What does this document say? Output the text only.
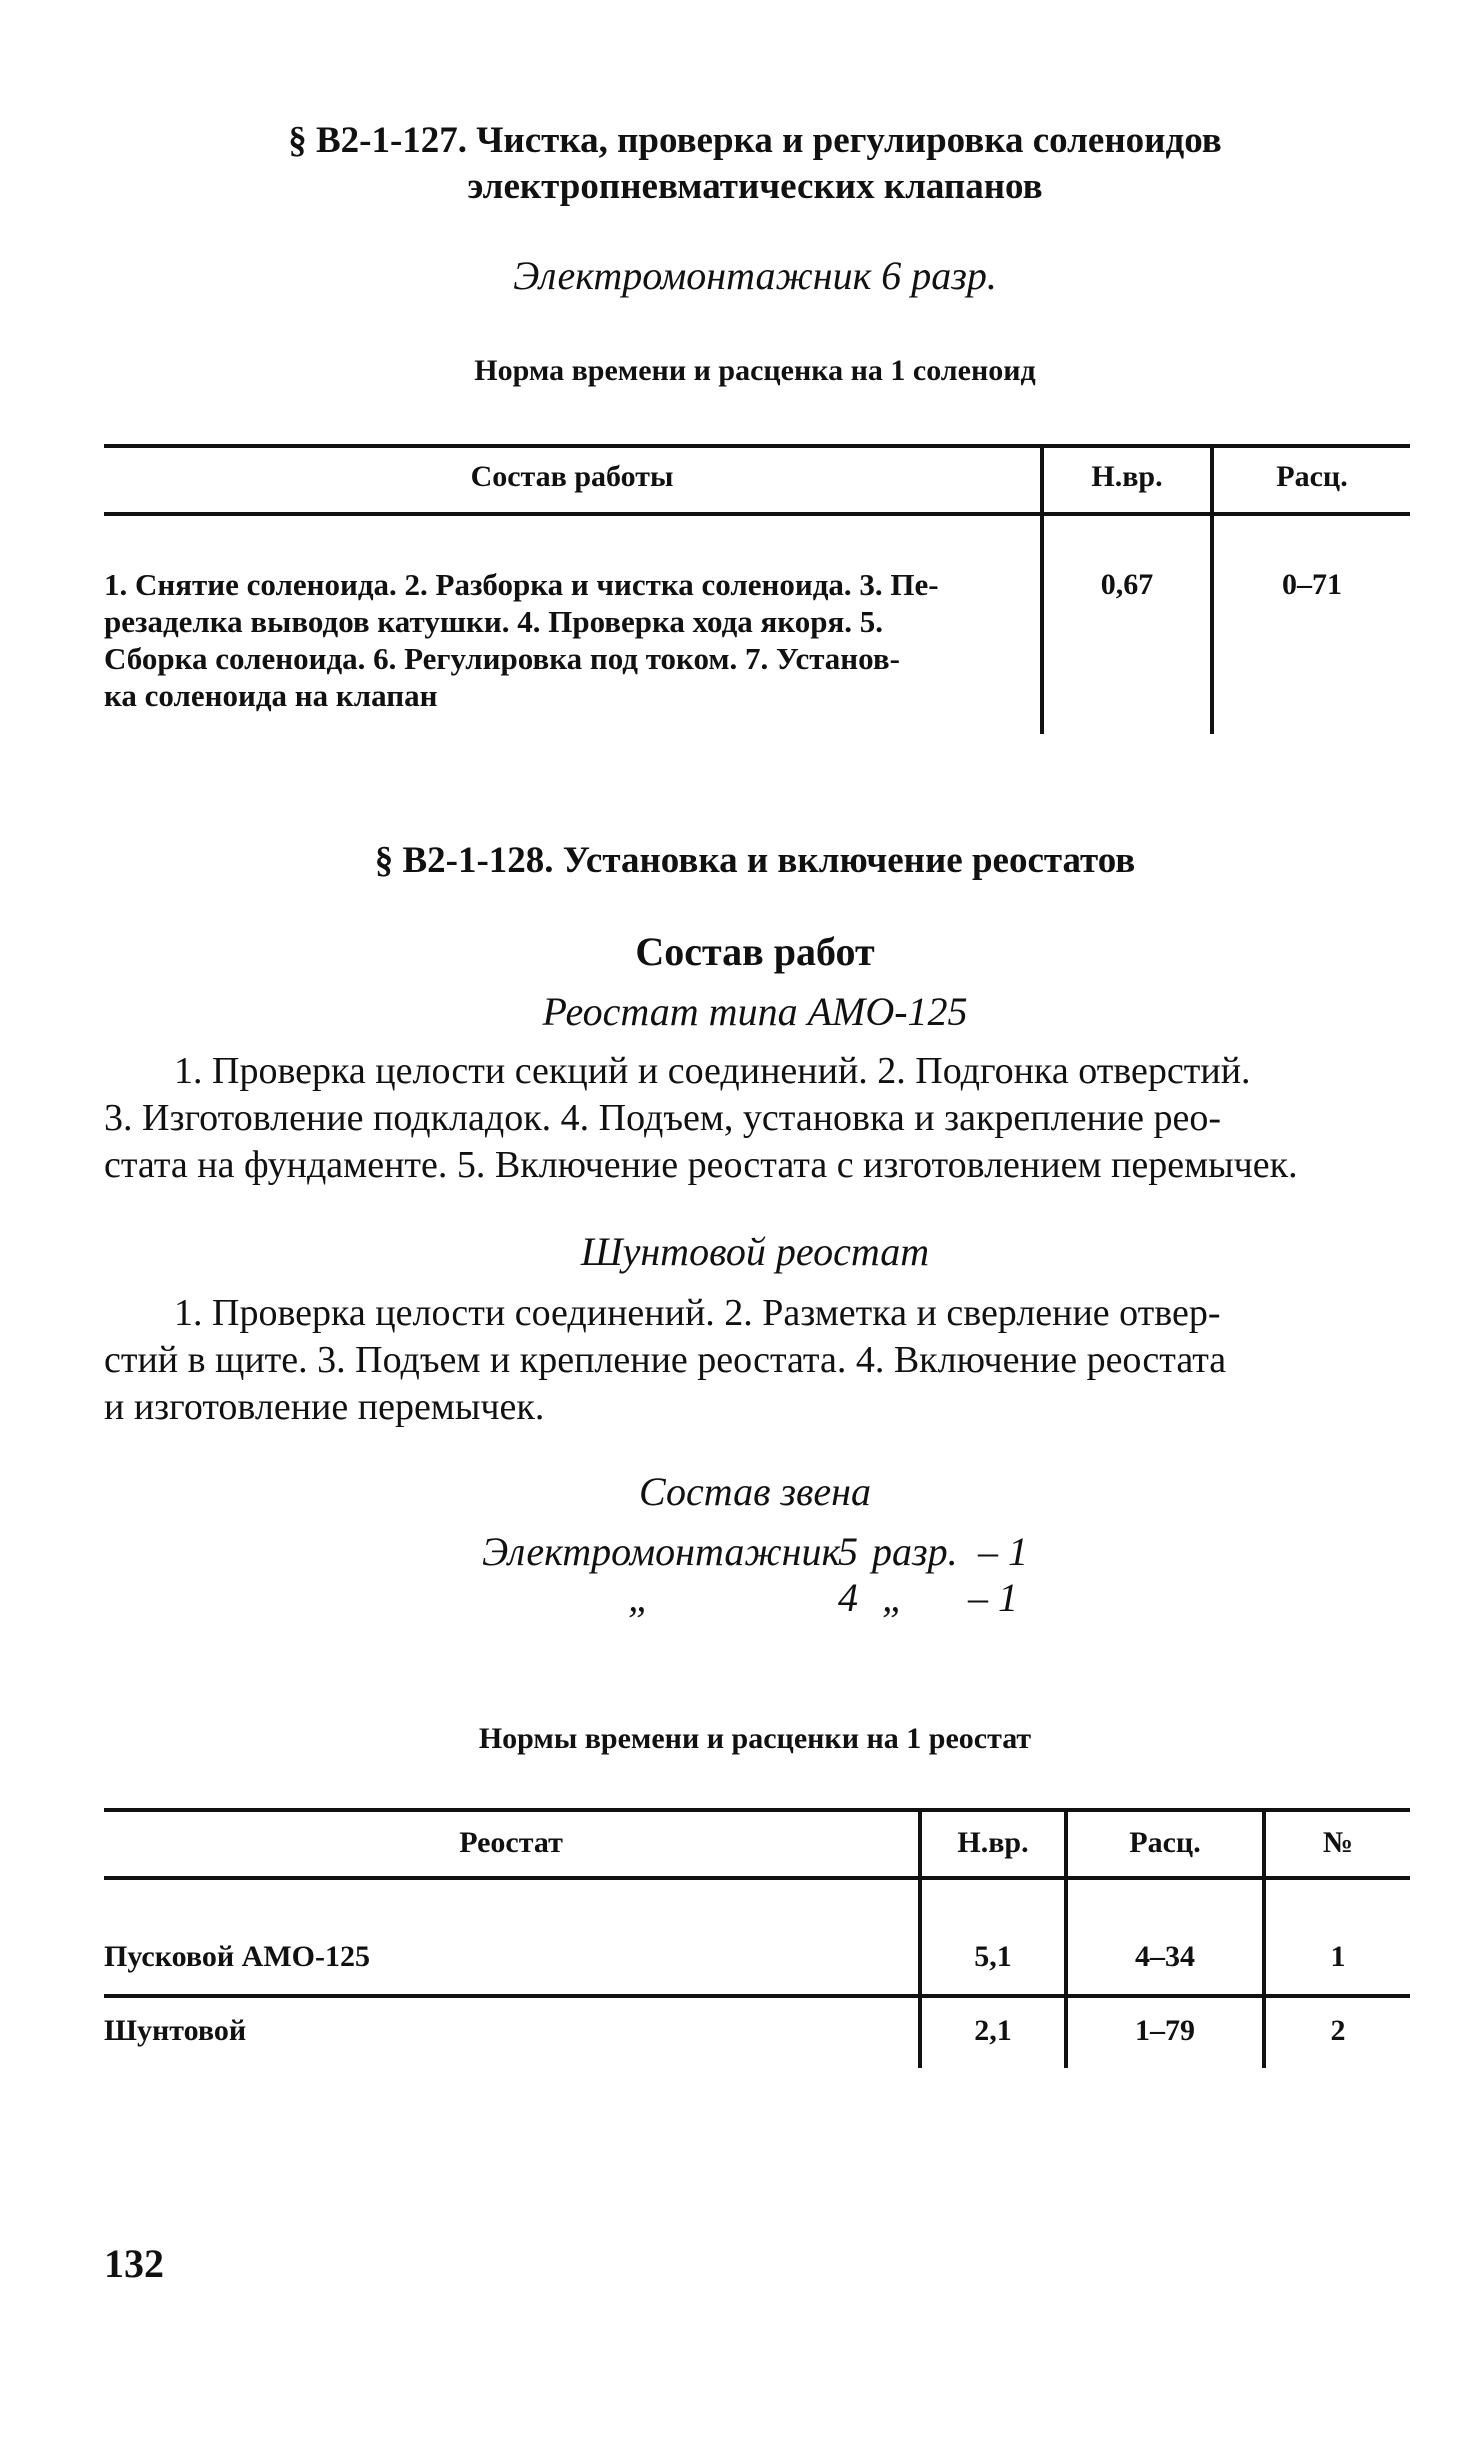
§ В2-1-127. Чистка, проверка и регулировка соленоидов
электропневматических клапанов
Электромонтажник 6 разр.
Норма времени и расценка на 1 соленоид
Состав работы	Н.вр.	Расц.
1. Снятие соленоида. 2. Разборка и чистка соленоида. 3. Пе-
резаделка выводов катушки. 4. Проверка хода якоря. 5.
Сборка соленоида. 6. Регулировка под током. 7. Установ-
ка соленоида на клапан
0,67	0–71
§ В2-1-128. Установка и включение реостатов
Состав работ
Реостат типа АМО-125
1. Проверка целости секций и соединений. 2. Подгонка отверстий.
3. Изготовление подкладок. 4. Подъем, установка и закрепление рео-
стата на фундаменте. 5. Включение реостата с изготовлением перемычек.
Шунтовой реостат
1. Проверка целости соединений. 2. Разметка и сверление отвер-
стий в щите. 3. Подъем и крепление реостата. 4. Включение реостата
и изготовление перемычек.
Состав звена
Электромонтажник
5 разр. – 1
„	4 „ – 1
Нормы времени и расценки на 1 реостат
Реостат	Н.вр.	Расц.	№
Пусковой АМО-125	5,1	4–34	1
Шунтовой	2,1	1–79	2
132
